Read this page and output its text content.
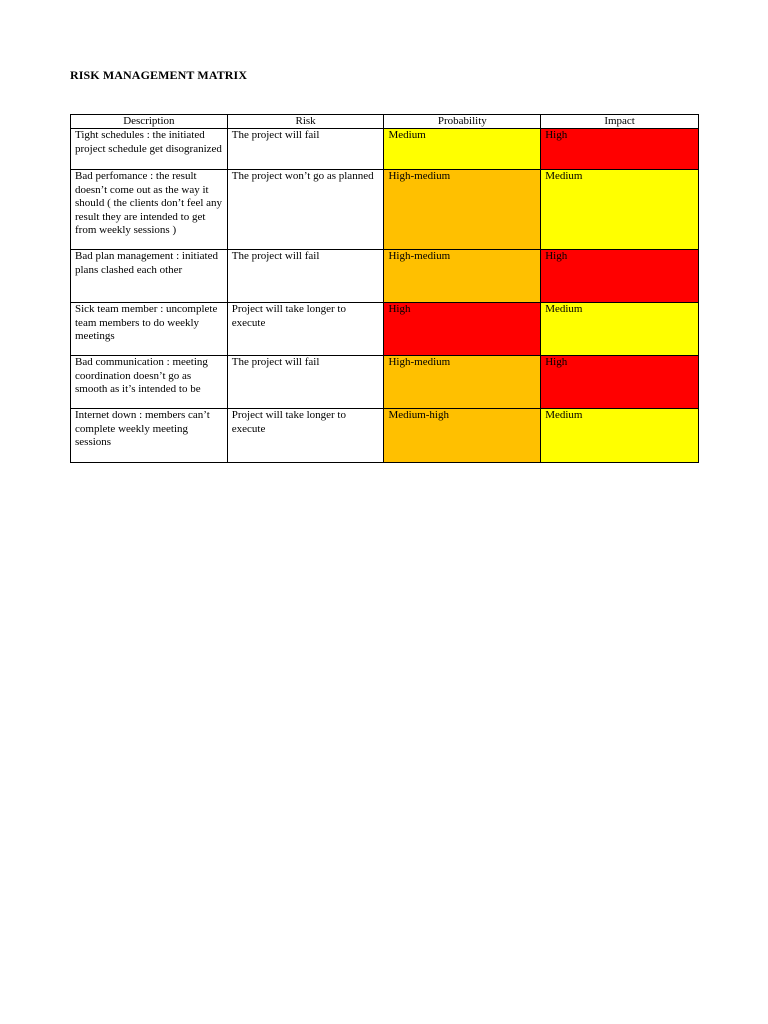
RISK MANAGEMENT MATRIX
Description	Risk	Probability	Impact
Tight schedules : the initiated project schedule get disogranized	The project will fail	Medium	High
Bad perfomance : the result doesn’t come out as the way it should ( the clients don’t feel any result they are intended to get from weekly sessions )	The project won’t go as planned	High-medium	Medium
Bad plan management : initiated plans clashed each other	The project will fail	High-medium	High
Sick team member : uncomplete team members to do weekly meetings	Project will take longer to execute	High	Medium
Bad communication : meeting coordination doesn’t go as smooth as it’s intended to be	The project will fail	High-medium	High
Internet down : members can’t complete weekly meeting sessions	Project will take longer to execute	Medium-high	Medium
